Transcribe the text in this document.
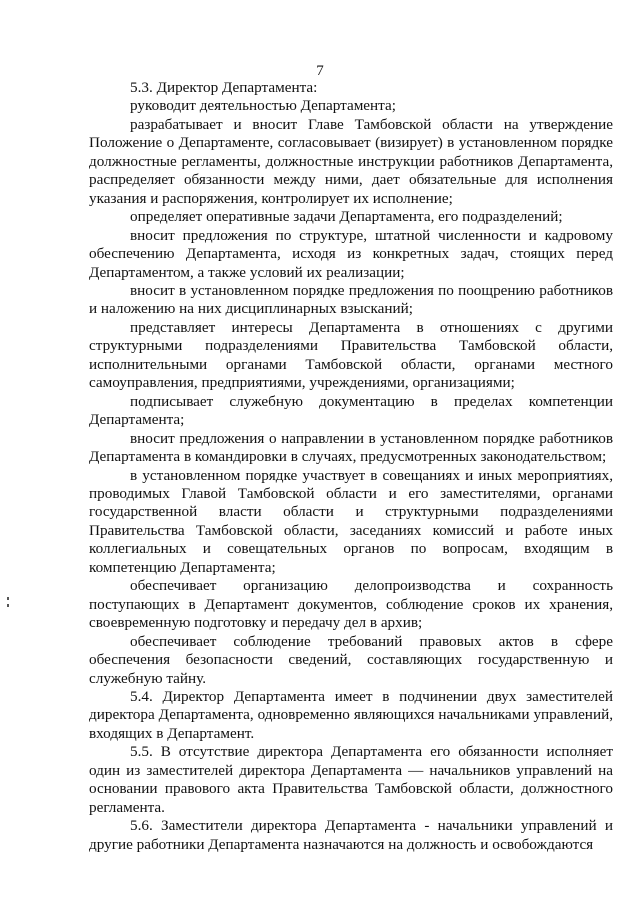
7

5.3. Директор Департамента:

руководит деятельностью Департамента;

разрабатывает и вносит Главе Тамбовской области на утверждение Положение о Департаменте, согласовывает (визирует) в установленном порядке должностные регламенты, должностные инструкции работников Департамента, распределяет обязанности между ними, дает обязательные для исполнения указания и распоряжения, контролирует их исполнение;

определяет оперативные задачи Департамента, его подразделений;

вносит предложения по структуре, штатной численности и кадровому обеспечению Департамента, исходя из конкретных задач, стоящих перед Департаментом, а также условий их реализации;

вносит в установленном порядке предложения по поощрению работников и наложению на них дисциплинарных взысканий;

представляет интересы Департамента в отношениях с другими структурными подразделениями Правительства Тамбовской области, исполнительными органами Тамбовской области, органами местного самоуправления, предприятиями, учреждениями, организациями;

подписывает служебную документацию в пределах компетенции Департамента;

вносит предложения о направлении в установленном порядке работников Департамента в командировки в случаях, предусмотренных законодательством;

в установленном порядке участвует в совещаниях и иных мероприятиях, проводимых Главой Тамбовской области и его заместителями, органами государственной власти области и структурными подразделениями Правительства Тамбовской области, заседаниях комиссий и работе иных коллегиальных и совещательных органов по вопросам, входящим в компетенцию Департамента;

обеспечивает организацию делопроизводства и сохранность поступающих в Департамент документов, соблюдение сроков их хранения, своевременную подготовку и передачу дел в архив;

обеспечивает соблюдение требований правовых актов в сфере обеспечения безопасности сведений, составляющих государственную и служебную тайну.

5.4. Директор Департамента имеет в подчинении двух заместителей директора Департамента, одновременно являющихся начальниками управлений, входящих в Департамент.

5.5. В отсутствие директора Департамента его обязанности исполняет один из заместителей директора Департамента — начальников управлений на основании правового акта Правительства Тамбовской области, должностного регламента.

5.6. Заместители директора Департамента - начальники управлений и другие работники Департамента назначаются на должность и освобождаются
